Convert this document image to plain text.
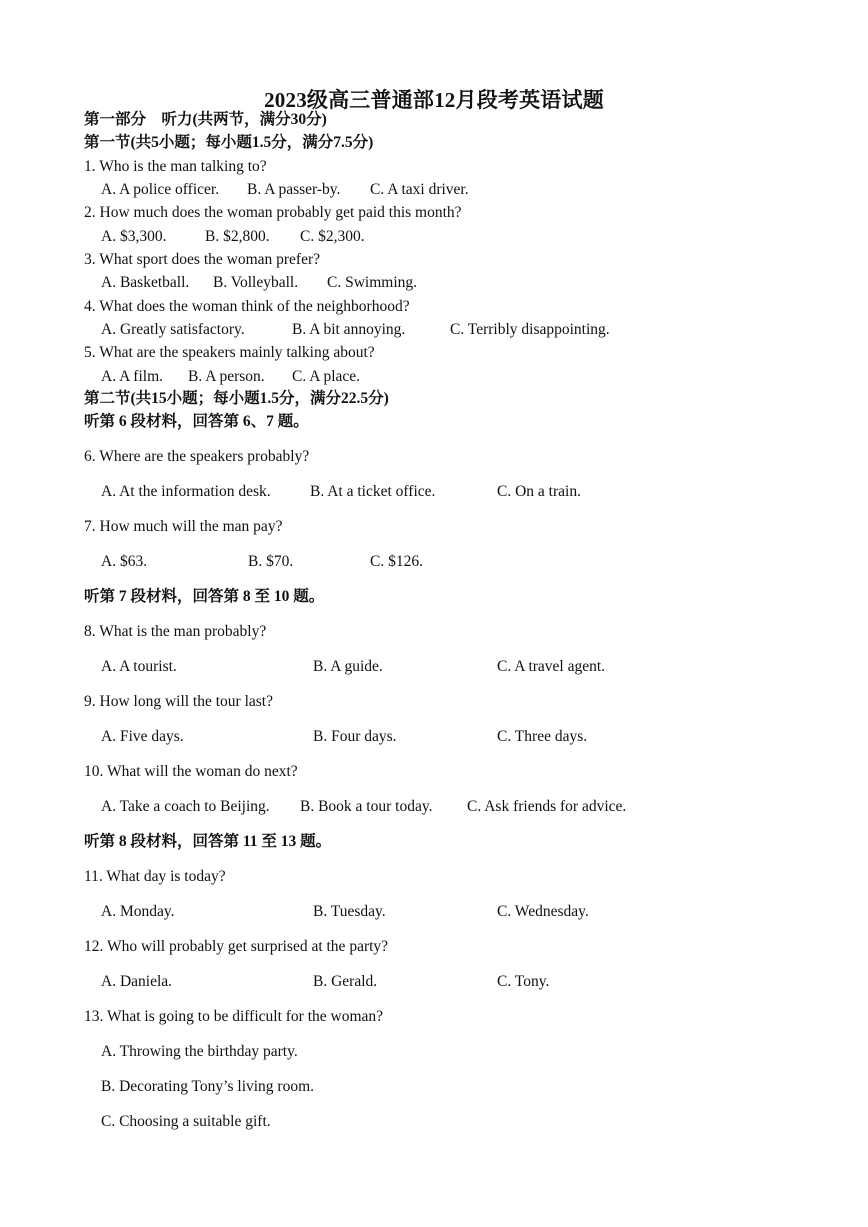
2023级高三普通部12月段考英语试题
第一部分　听力(共两节，满分30分)
第一节(共5小题；每小题1.5分，满分7.5分)
1. Who is the man talking to?
A. A police officer. B. A passer-by. C. A taxi driver.
2. How much does the woman probably get paid this month?
A. $3,300. B. $2,800. C. $2,300.
3. What sport does the woman prefer?
A. Basketball. B. Volleyball. C. Swimming.
4. What does the woman think of the neighborhood?
A. Greatly satisfactory.	B. A bit annoying.	C. Terribly disappointing.
5. What are the speakers mainly talking about?
A. A film. B. A person. C. A place.
第二节(共15小题；每小题1.5分，满分22.5分)
听第 6 段材料，回答第 6、7 题。
6. Where are the speakers probably?
A. At the information desk.	B. At a ticket office.	C. On a train.
7. How much will the man pay?
A. $63.	B. $70.	C. $126.
听第 7 段材料，回答第 8 至 10 题。
8. What is the man probably?
A. A tourist.	B. A guide.	C. A travel agent.
9. How long will the tour last?
A. Five days.	B. Four days.	C. Three days.
10. What will the woman do next?
A. Take a coach to Beijing. B. Book a tour today. C. Ask friends for advice.
听第 8 段材料，回答第 11 至 13 题。
11. What day is today?
A. Monday.	B. Tuesday.	C. Wednesday.
12. Who will probably get surprised at the party?
A. Daniela.	B. Gerald.	C. Tony.
13. What is going to be difficult for the woman?
A. Throwing the birthday party.
B. Decorating Tony’s living room.
C. Choosing a suitable gift.
